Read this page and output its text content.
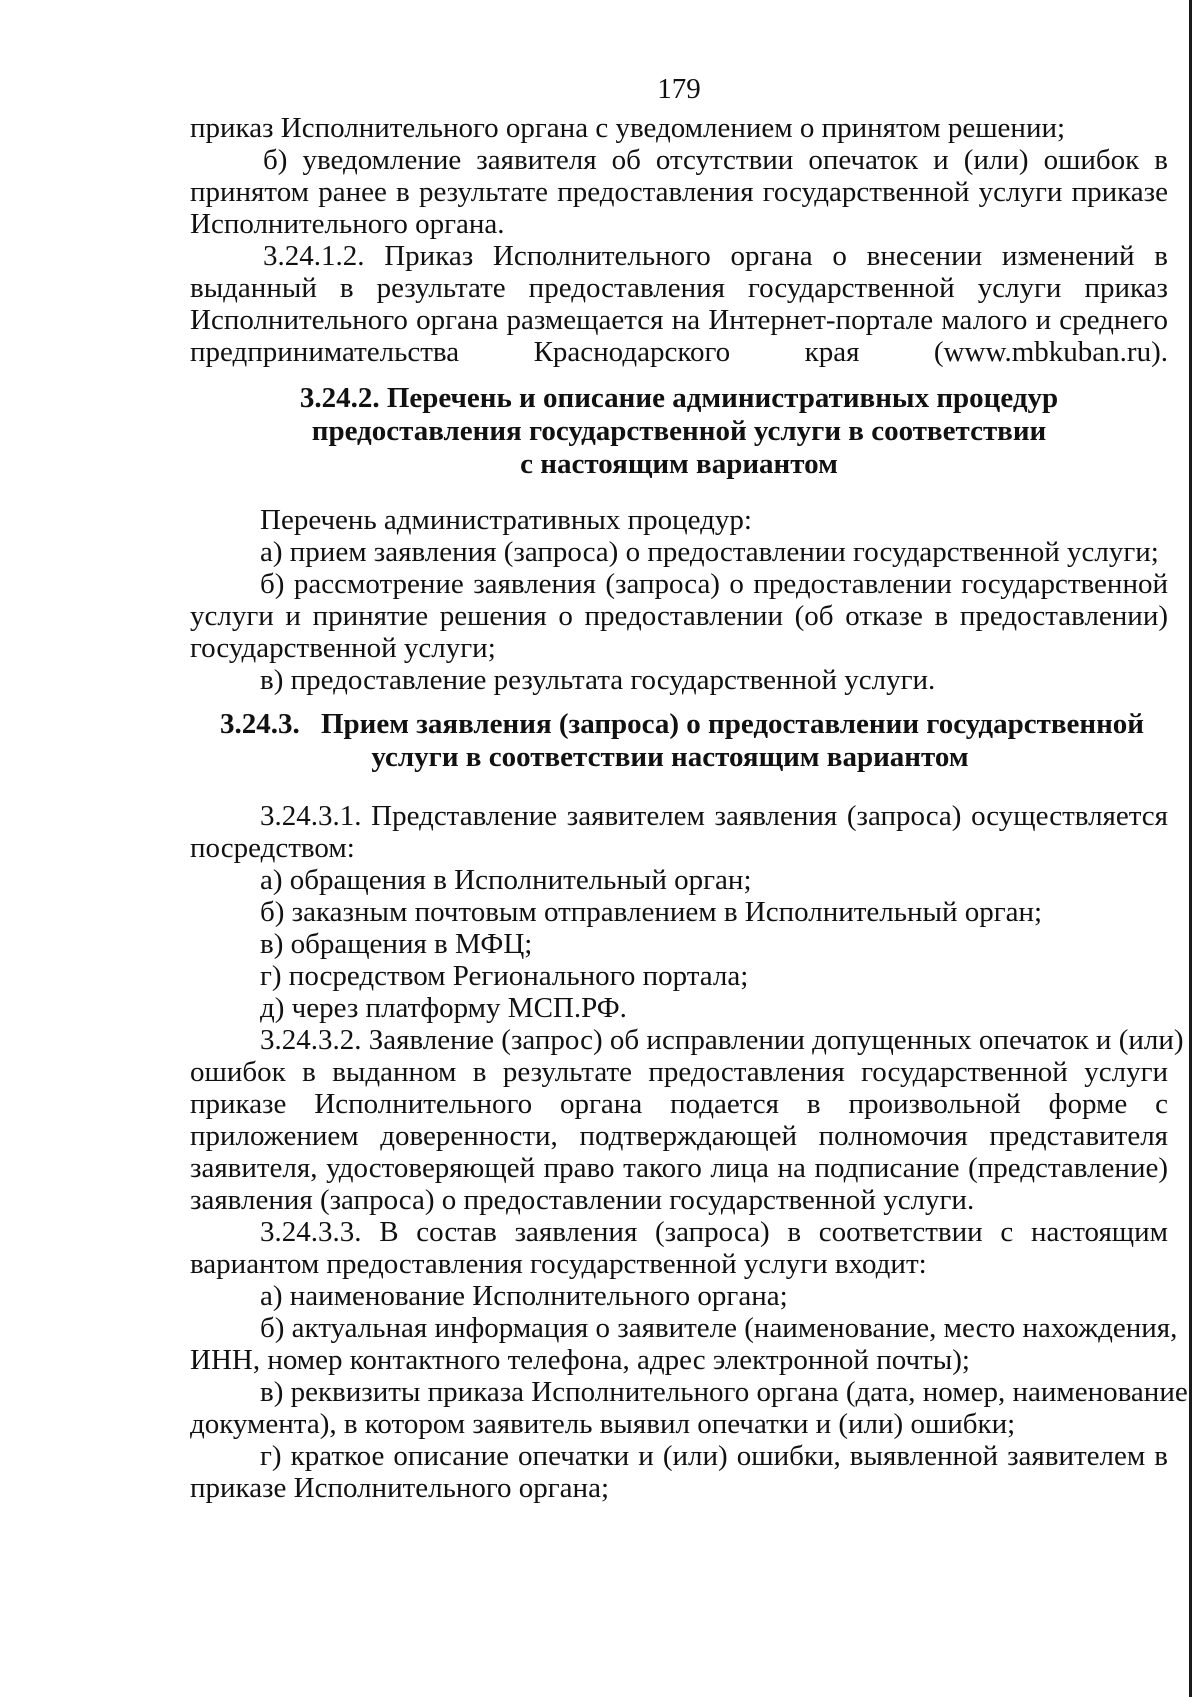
179
приказ Исполнительного органа с уведомлением о принятом решении;
б) уведомление заявителя об отсутствии опечаток и (или) ошибок в
принятом ранее в результате предоставления государственной услуги приказе
Исполнительного органа.
3.24.1.2. Приказ Исполнительного органа о внесении изменений в
выданный в результате предоставления государственной услуги приказ
Исполнительного органа размещается на Интернет-портале малого и среднего
предпринимательства Краснодарского края (www.mbkuban.ru).
3.24.2. Перечень и описание административных процедур
предоставления государственной услуги в соответствии
с настоящим вариантом
Перечень административных процедур:
а) прием заявления (запроса) о предоставлении государственной услуги;
б) рассмотрение заявления (запроса) о предоставлении государственной
услуги и принятие решения о предоставлении (об отказе в предоставлении)
государственной услуги;
в) предоставление результата государственной услуги.
3.24.3. Прием заявления (запроса) о предоставлении государственной
услуги в соответствии настоящим вариантом
3.24.3.1. Представление заявителем заявления (запроса) осуществляется
посредством:
а) обращения в Исполнительный орган;
б) заказным почтовым отправлением в Исполнительный орган;
в) обращения в МФЦ;
г) посредством Регионального портала;
д) через платформу МСП.РФ.
3.24.3.2. Заявление (запрос) об исправлении допущенных опечаток и (или)
ошибок в выданном в результате предоставления государственной услуги
приказе Исполнительного органа подается в произвольной форме с
приложением доверенности, подтверждающей полномочия представителя
заявителя, удостоверяющей право такого лица на подписание (представление)
заявления (запроса) о предоставлении государственной услуги.
3.24.3.3. В состав заявления (запроса) в соответствии с настоящим
вариантом предоставления государственной услуги входит:
а) наименование Исполнительного органа;
б) актуальная информация о заявителе (наименование, место нахождения,
ИНН, номер контактного телефона, адрес электронной почты);
в) реквизиты приказа Исполнительного органа (дата, номер, наименование
документа), в котором заявитель выявил опечатки и (или) ошибки;
г) краткое описание опечатки и (или) ошибки, выявленной заявителем в
приказе Исполнительного органа;
